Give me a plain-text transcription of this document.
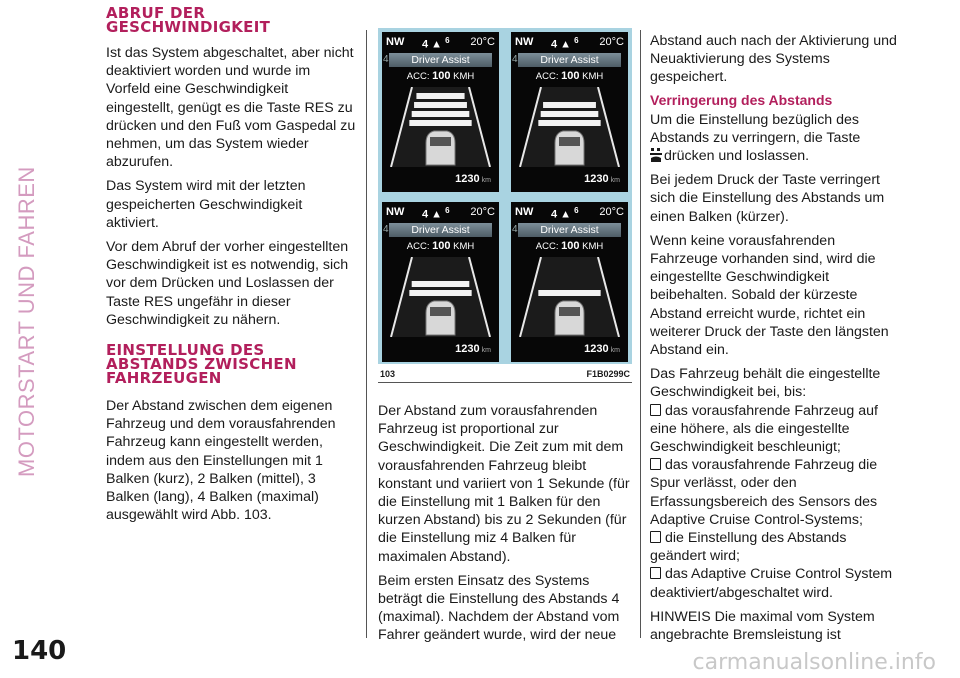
MOTORSTART UND FAHREN
ABRUF DER GESCHWINDIGKEIT

Ist das System abgeschaltet, aber nicht deaktiviert worden und wurde im Vorfeld eine Geschwindigkeit eingestellt, genügt es die Taste RES zu drücken und den Fuß vom Gaspedal zu nehmen, um das System wieder abzurufen.

Das System wird mit der letzten gespeicherten Geschwindigkeit aktiviert.

Vor dem Abruf der vorher eingestellten Geschwindigkeit ist es notwendig, sich vor dem Drücken und Loslassen der Taste RES ungefähr in dieser Geschwindigkeit zu nähern.

EINSTELLUNG DES ABSTANDS ZWISCHEN FAHRZEUGEN

Der Abstand zwischen dem eigenen Fahrzeug und dem vorausfahrenden Fahrzeug kann eingestellt werden, indem aus den Einstellungen mit 1 Balken (kurz), 2 Balken (mittel), 3 Balken (lang), 4 Balken (maximal) ausgewählt wird Abb. 103.

NW 4 ▲ $^6$ 20°C
4 Driver Assist
ACC: 100 KMH
1230 km
NW 4 ▲ $^6$ 20°C
4 Driver Assist
ACC: 100 KMH
1230 km
NW 4 ▲ $^6$ 20°C
4 Driver Assist
ACC: 100 KMH
1230 km
NW 4 ▲ $^6$ 20°C
4 Driver Assist
ACC: 100 KMH
1230 km
103	F1B0299C

Der Abstand zum vorausfahrenden Fahrzeug ist proportional zur Geschwindigkeit. Die Zeit zum mit dem vorausfahrenden Fahrzeug bleibt konstant und variiert von 1 Sekunde (für die Einstellung mit 1 Balken für den kurzen Abstand) bis zu 2 Sekunden (für die Einstellung miz 4 Balken für maximalen Abstand).

Beim ersten Einsatz des Systems beträgt die Einstellung des Abstands 4 (maximal). Nachdem der Abstand vom Fahrer geändert wurde, wird der neue

Abstand auch nach der Aktivierung und Neuaktivierung des Systems gespeichert.

Verringerung des Abstands

Um die Einstellung bezüglich des Abstands zu verringern, die Taste
drücken und loslassen.

Bei jedem Druck der Taste verringert sich die Einstellung des Abstands um einen Balken (kürzer).

Wenn keine vorausfahrenden Fahrzeuge vorhanden sind, wird die eingestellte Geschwindigkeit beibehalten. Sobald der kürzeste Abstand erreicht wurde, richtet ein weiterer Druck der Taste den längsten Abstand ein.

Das Fahrzeug behält die eingestellte Geschwindigkeit bei, bis:

das vorausfahrende Fahrzeug auf eine höhere, als die eingestellte Geschwindigkeit beschleunigt;

das vorausfahrende Fahrzeug die Spur verlässt, oder den Erfassungsbereich des Sensors des Adaptive Cruise Control-Systems;

die Einstellung des Abstands geändert wird;

das Adaptive Cruise Control System deaktiviert/abgeschaltet wird.

HINWEIS Die maximal vom System angebrachte Bremsleistung ist

140	carmanualsonline.info
